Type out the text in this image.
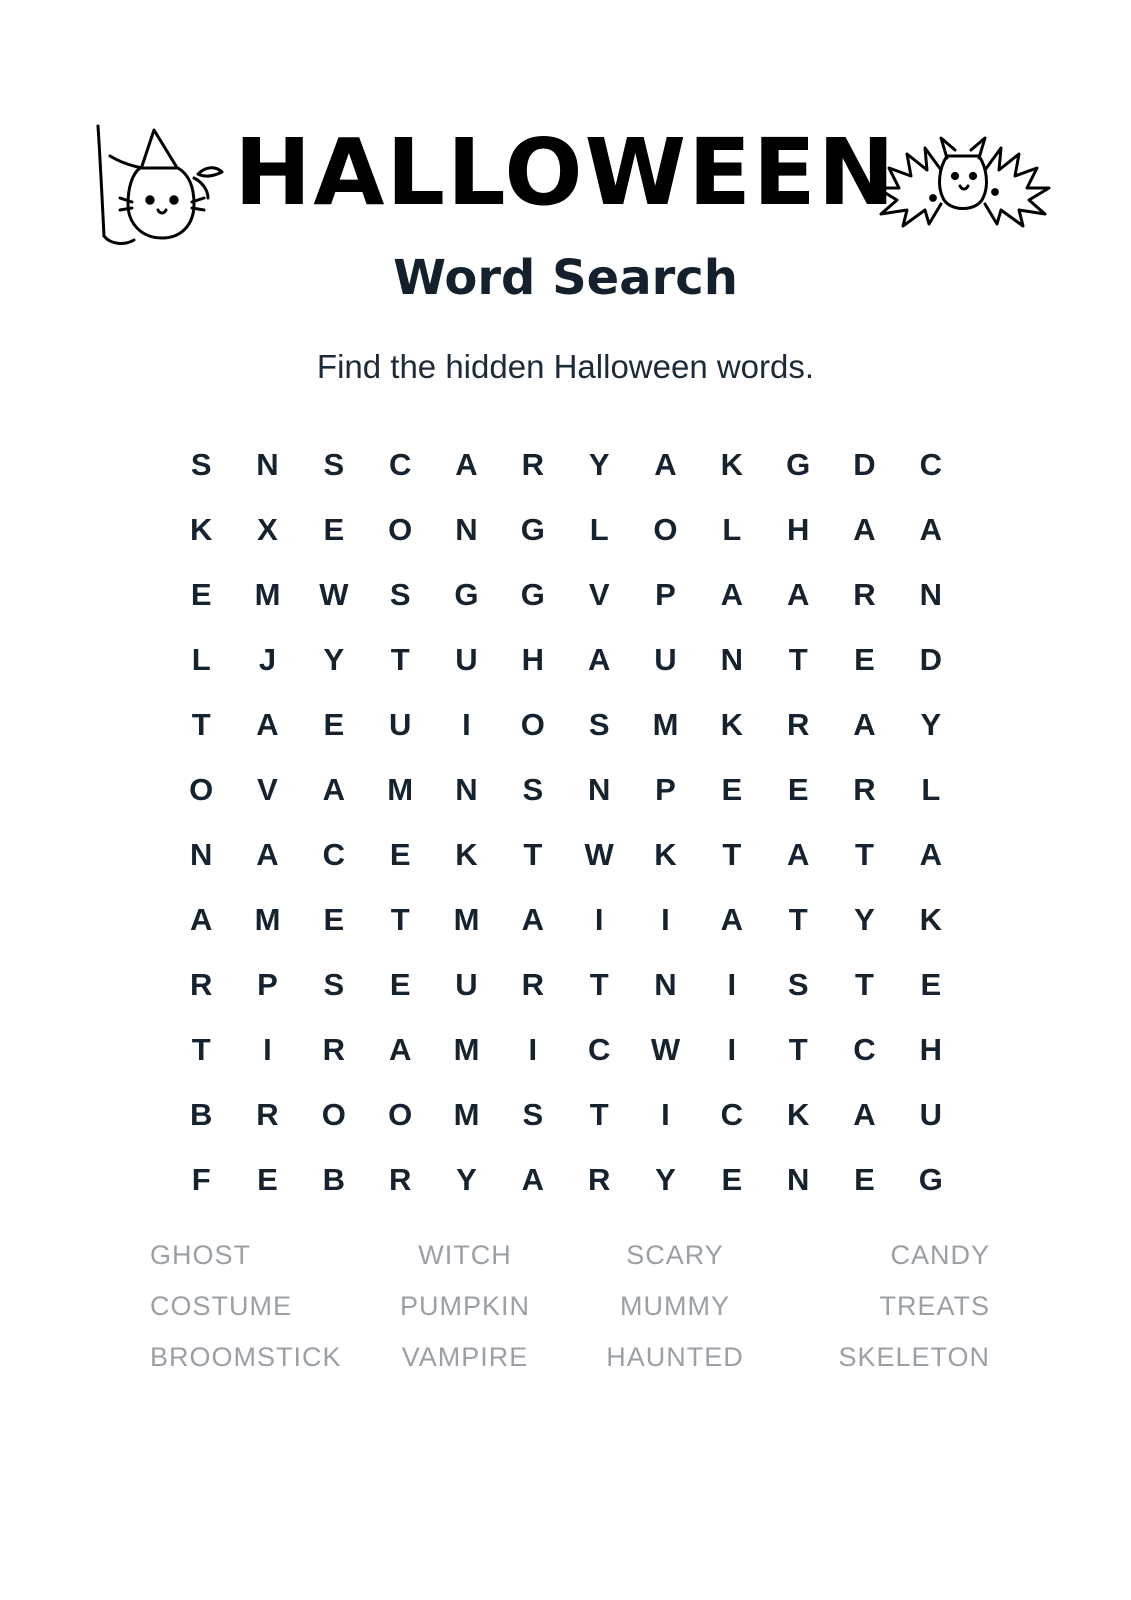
HALLOWEEN
Word Search
Find the hidden Halloween words.
S	N	S	C	A	R	Y	A	K	G	D	C
K	X	E	O	N	G	L	O	L	H	A	A
E	M	W	S	G	G	V	P	A	A	R	N
L	J	Y	T	U	H	A	U	N	T	E	D
T	A	E	U	I	O	S	M	K	R	A	Y
O	V	A	M	N	S	N	P	E	E	R	L
N	A	C	E	K	T	W	K	T	A	T	A
A	M	E	T	M	A	I	I	A	T	Y	K
R	P	S	E	U	R	T	N	I	S	T	E
T	I	R	A	M	I	C	W	I	T	C	H
B	R	O	O	M	S	T	I	C	K	A	U
F	E	B	R	Y	A	R	Y	E	N	E	G
GHOST	WITCH	SCARY	CANDY
COSTUME	PUMPKIN	MUMMY	TREATS
BROOMSTICK	VAMPIRE	HAUNTED	SKELETON
